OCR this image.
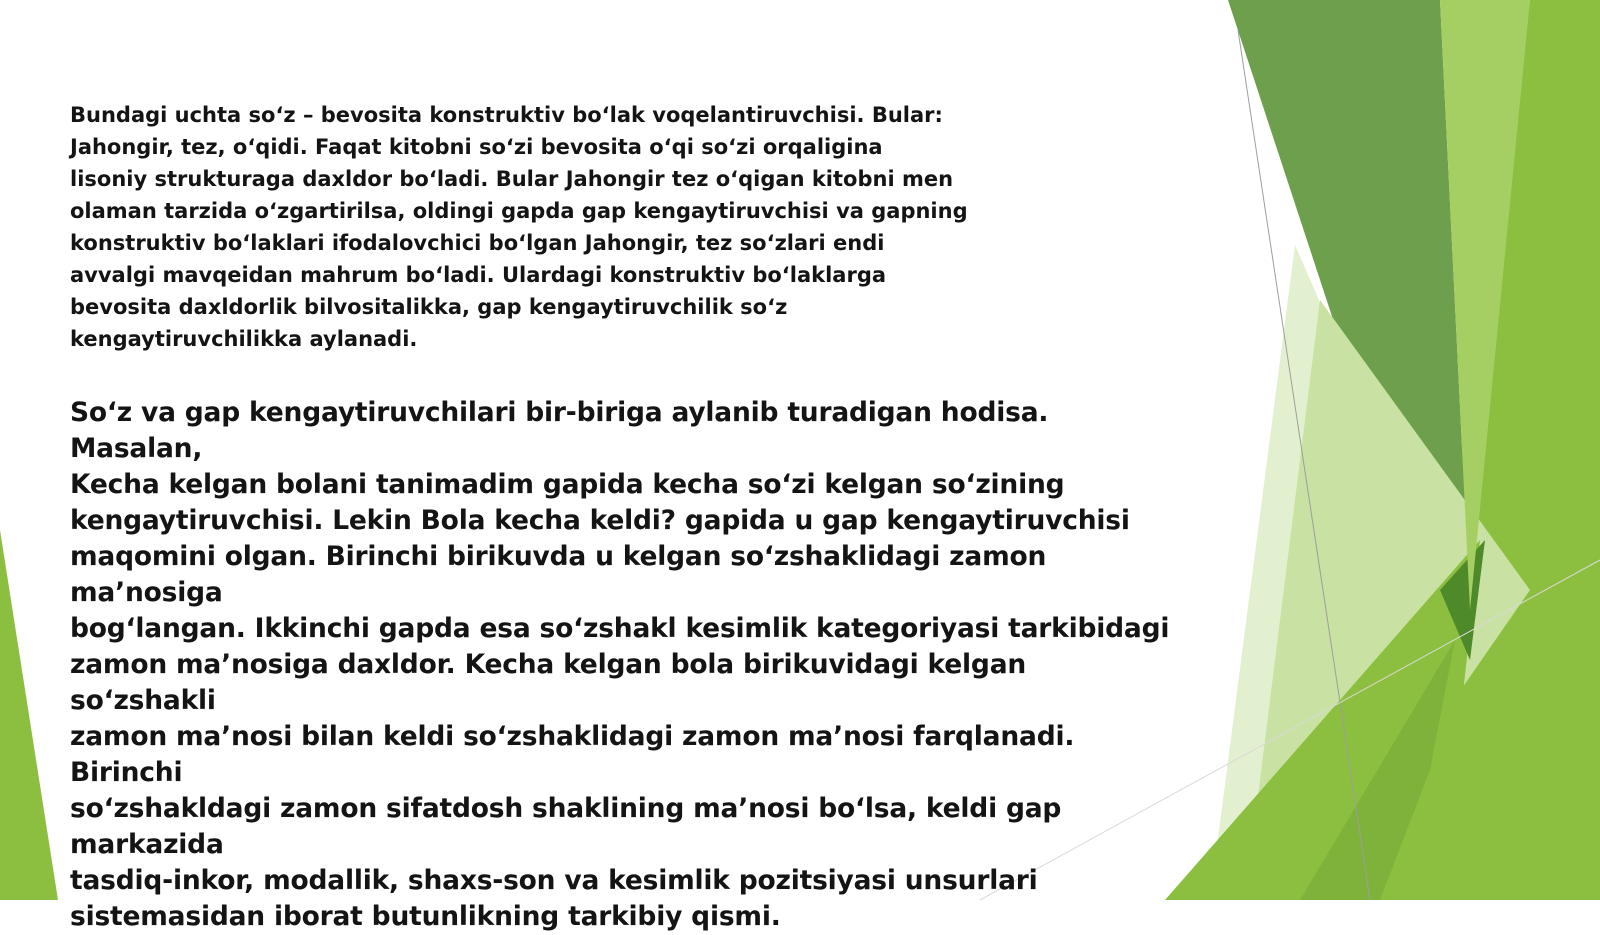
Bundagi uchta so‘z – bevosita konstruktiv bo‘lak voqelantiruvchisi. Bular:
Jahongir, tez, o‘qidi. Faqat kitobni so‘zi bevosita o‘qi so‘zi orqaligina
lisoniy strukturaga daxldor bo‘ladi. Bular Jahongir tez o‘qigan kitobni men
olaman tarzida o‘zgartirilsa, oldingi gapda gap kengaytiruvchisi va gapning
konstruktiv bo‘laklari ifodalovchici bo‘lgan Jahongir, tez so‘zlari endi
avvalgi mavqeidan mahrum bo‘ladi. Ulardagi konstruktiv bo‘laklarga
bevosita daxldorlik bilvositalikka, gap kengaytiruvchilik so‘z
kengaytiruvchilikka aylanadi.

So‘z va gap kengaytiruvchilari bir-biriga aylanib turadigan hodisa. Masalan,
Kecha kelgan bolani tanimadim gapida kecha so‘zi kelgan so‘zining
kengaytiruvchisi. Lekin Bola kecha keldi? gapida u gap kengaytiruvchisi
maqomini olgan. Birinchi birikuvda u kelgan so‘zshaklidagi zamon ma’nosiga
bog‘langan. Ikkinchi gapda esa so‘zshakl kesimlik kategoriyasi tarkibidagi
zamon ma’nosiga daxldor. Kecha kelgan bola birikuvidagi kelgan so‘zshakli
zamon ma’nosi bilan keldi so‘zshaklidagi zamon ma’nosi farqlanadi. Birinchi
so‘zshakldagi zamon sifatdosh shaklining ma’nosi bo‘lsa, keldi gap markazida
tasdiq-inkor, modallik, shaxs-son va kesimlik pozitsiyasi unsurlari
sistemasidan iborat butunlikning tarkibiy qismi.
